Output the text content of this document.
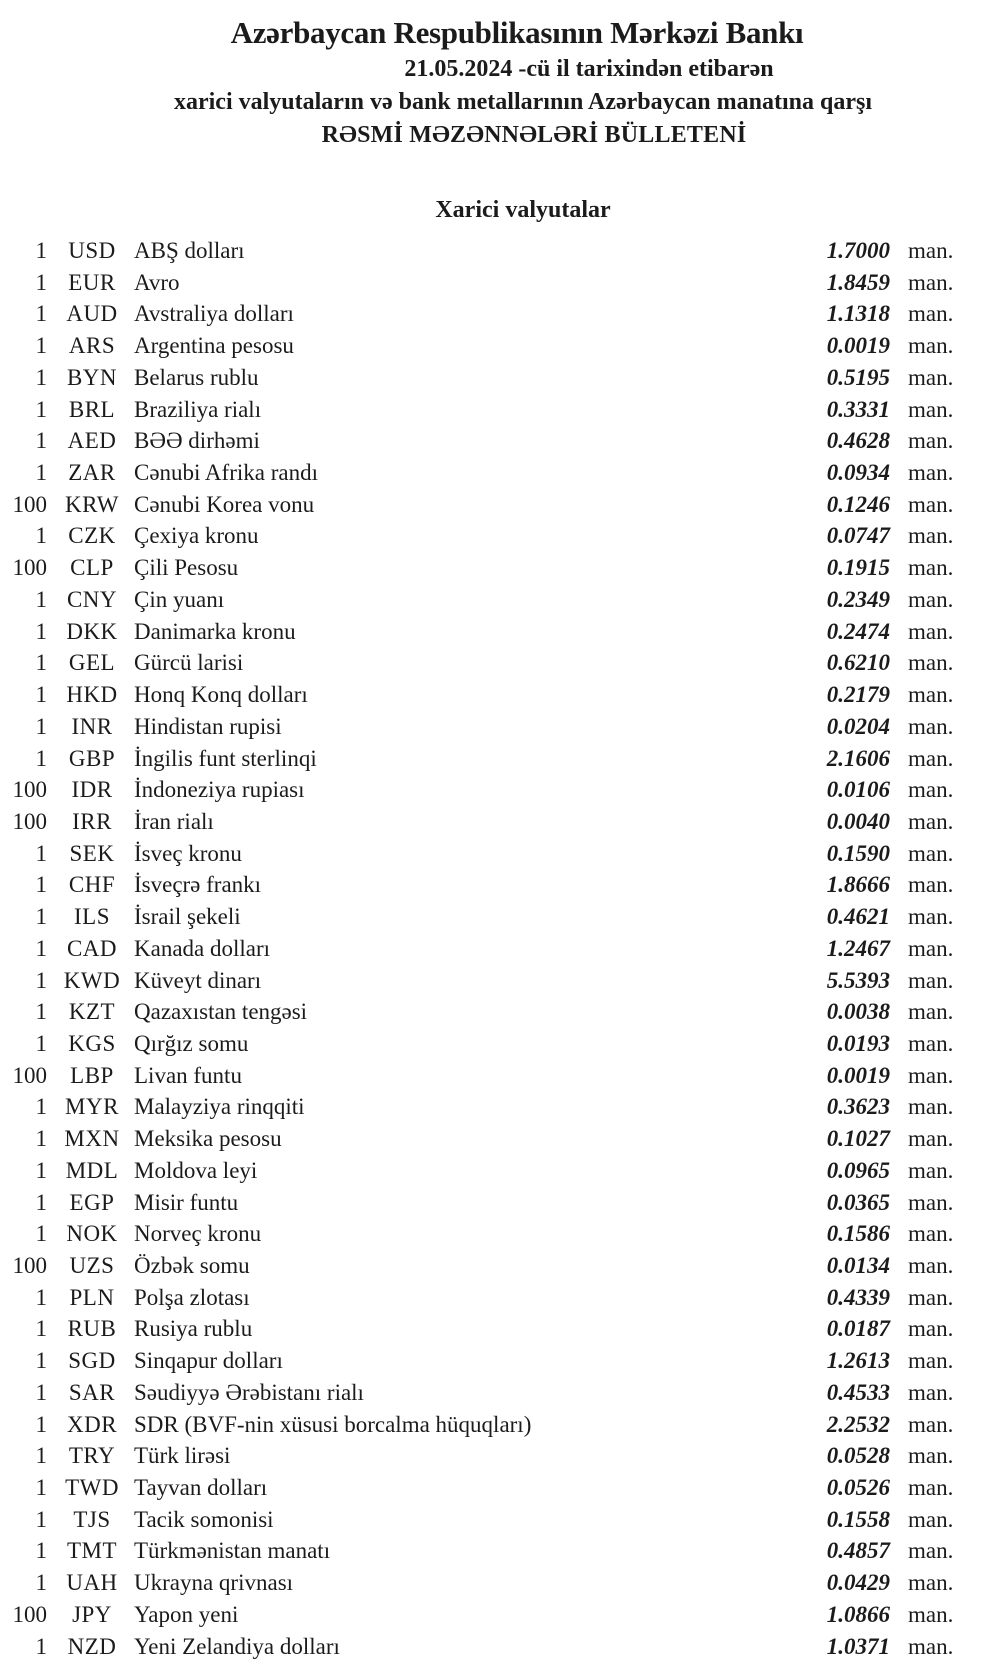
Azərbaycan Respublikasının Mərkəzi Bankı
21.05.2024 -cü il tarixindən etibarən
xarici valyutaların və bank metallarının Azərbaycan manatına qarşı
RƏSMİ MƏZƏNNƏLƏRİ BÜLLETENİ
Xarici valyutalar
1 USD ABŞ dolları	1.7000 man.
1 EUR Avro	1.8459 man.
1 AUD Avstraliya dolları	1.1318 man.
1 ARS Argentina pesosu	0.0019 man.
1 BYN Belarus rublu	0.5195 man.
1 BRL Braziliya rialı	0.3331 man.
1 AED BƏƏ dirhəmi	0.4628 man.
1 ZAR Cənubi Afrika randı	0.0934 man.
100 KRW Cənubi Korea vonu	0.1246 man.
1 CZK Çexiya kronu	0.0747 man.
100	CLP Çili Pesosu	0.1915 man.
1 CNY Çin yuanı	0.2349 man.
1 DKK Danimarka kronu	0.2474 man.
1 GEL Gürcü larisi	0.6210 man.
1 HKD Honq Konq dolları	0.2179 man.
1	INR Hindistan rupisi	0.0204 man.
1 GBP İngilis funt sterlinqi	2.1606 man.
100	IDR İndoneziya rupiası	0.0106 man.
100	IRR İran rialı	0.0040 man.
1 SEK İsveç kronu	0.1590 man.
1 CHF İsveçrə frankı	1.8666 man.
1	ILS	İsrail şekeli	0.4621 man.
1 CAD Kanada dolları	1.2467 man.
1 KWD Küveyt dinarı	5.5393 man.
1 KZT Qazaxıstan tengəsi	0.0038 man.
1 KGS Qırğız somu	0.0193 man.
100	LBP Livan funtu	0.0019 man.
1 MYR Malayziya rinqqiti	0.3623 man.
1 MXN Meksika pesosu	0.1027 man.
1 MDL Moldova leyi	0.0965 man.
1 EGP Misir funtu	0.0365 man.
1 NOK Norveç kronu	0.1586 man.
100 UZS Özbək somu	0.0134 man.
1 PLN Polşa zlotası	0.4339 man.
1 RUB Rusiya rublu	0.0187 man.
1 SGD Sinqapur dolları	1.2613 man.
1 SAR Səudiyyə Ərəbistanı rialı	0.4533 man.
1 XDR SDR (BVF-nin xüsusi borcalma hüquqları)	2.2532 man.
1 TRY Türk lirəsi	0.0528 man.
1 TWD Tayvan dolları	0.0526 man.
1	TJS	Tacik somonisi	0.1558 man.
1 TMT Türkmənistan manatı	0.4857 man.
1 UAH Ukrayna qrivnası	0.0429 man.
100	JPY Yapon yeni	1.0866 man.
1 NZD Yeni Zelandiya dolları	1.0371 man.
